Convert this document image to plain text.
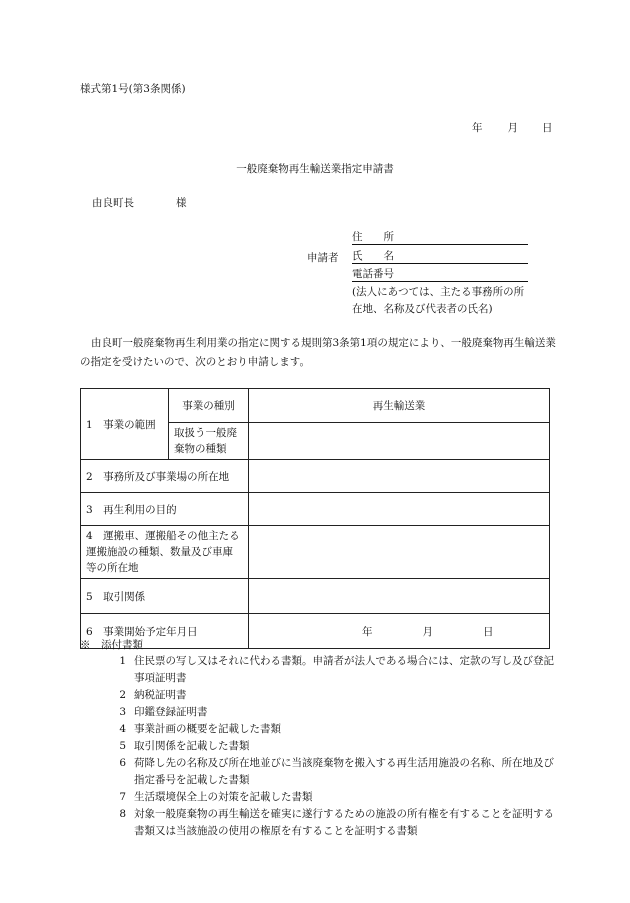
様式第1号(第3条関係)
年 月 日
一般廃棄物再生輸送業指定申請書
由良町長	様
申請者
住　　所
氏　　名
電話番号
(法人にあつては、主たる事務所の所
在地、名称及び代表者の氏名)
由良町一般廃棄物再生利用業の指定に関する規則第3条第1項の規定により、一般廃棄物再生輸送業の指定を受けたいので、次のとおり申請します。
1　事業の範囲	事業の種別	再生輸送業
	取扱う一般廃棄物の種類	
2　事務所及び事業場の所在地		
3　再生利用の目的		
4　運搬車、運搬船その他主たる運搬施設の種類、数量及び車庫等の所在地		
5　取引関係		
6　事業開始予定年月日		年 月 日
※　添付書類
1 住民票の写し又はそれに代わる書類。申請者が法人である場合には、定款の写し及び登記事項証明書
2 納税証明書
3 印鑑登録証明書
4 事業計画の概要を記載した書類
5 取引関係を記載した書類
6 荷降し先の名称及び所在地並びに当該廃棄物を搬入する再生活用施設の名称、所在地及び指定番号を記載した書類
7 生活環境保全上の対策を記載した書類
8 対象一般廃棄物の再生輸送を確実に遂行するための施設の所有権を有することを証明する書類又は当該施設の使用の権原を有することを証明する書類
